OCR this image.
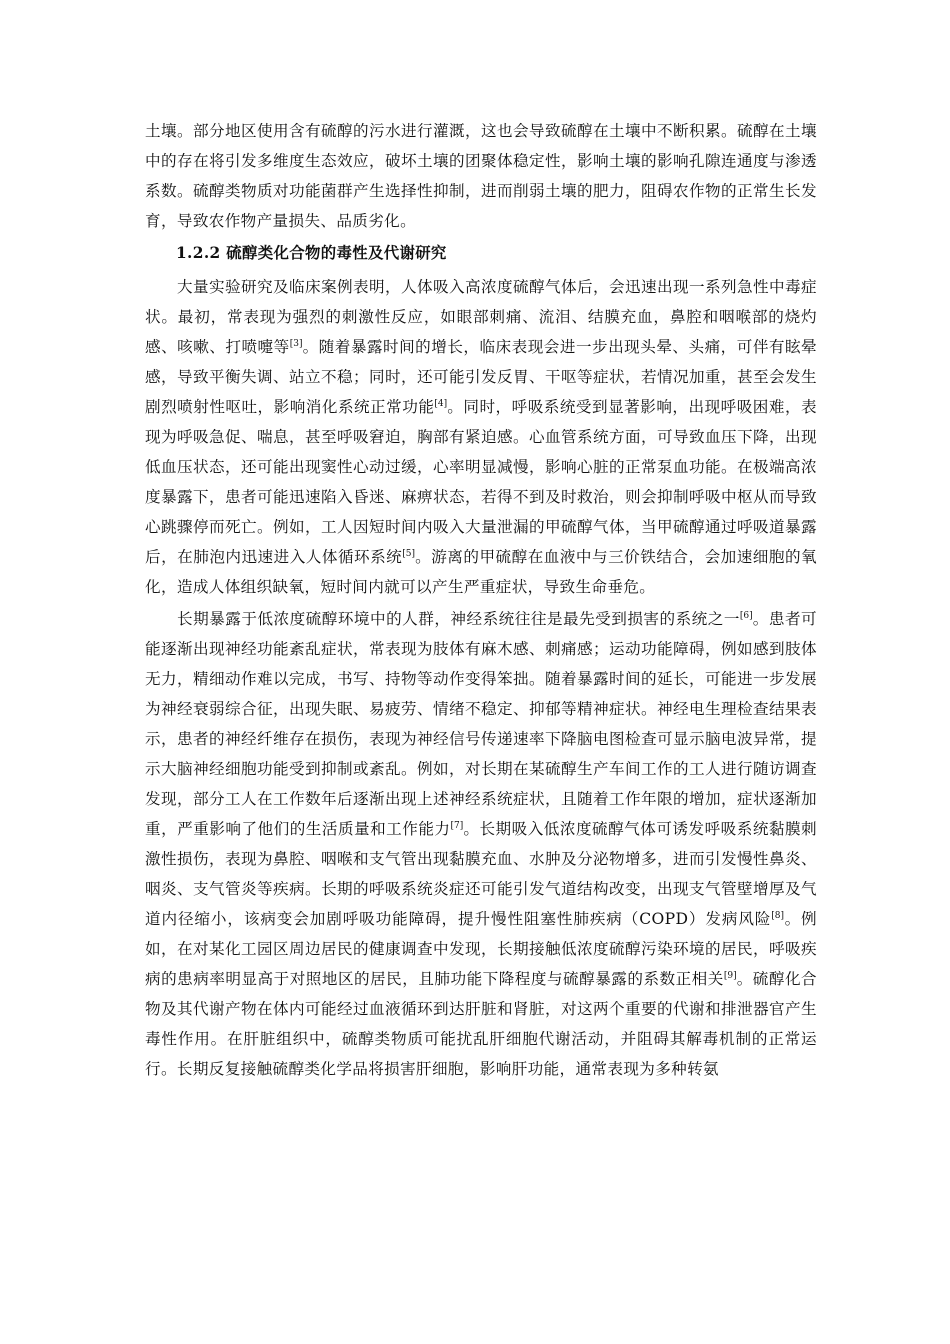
土壤。部分地区使用含有硫醇的污水进行灌溉，这也会导致硫醇在土壤中不断积累。硫醇在土壤中的存在将引发多维度生态效应，破坏土壤的团聚体稳定性，影响土壤的影响孔隙连通度与渗透系数。硫醇类物质对功能菌群产生选择性抑制，进而削弱土壤的肥力，阻碍农作物的正常生长发育，导致农作物产量损失、品质劣化。

1.2.2 硫醇类化合物的毒性及代谢研究

大量实验研究及临床案例表明，人体吸入高浓度硫醇气体后，会迅速出现一系列急性中毒症状。最初，常表现为强烈的刺激性反应，如眼部刺痛、流泪、结膜充血，鼻腔和咽喉部的烧灼感、咳嗽、打喷嚏等[3]。随着暴露时间的增长，临床表现会进一步出现头晕、头痛，可伴有眩晕感，导致平衡失调、站立不稳；同时，还可能引发反胃、干呕等症状，若情况加重，甚至会发生剧烈喷射性呕吐，影响消化系统正常功能[4]。同时，呼吸系统受到显著影响，出现呼吸困难，表现为呼吸急促、喘息，甚至呼吸窘迫，胸部有紧迫感。心血管系统方面，可导致血压下降，出现低血压状态，还可能出现窦性心动过缓，心率明显减慢，影响心脏的正常泵血功能。在极端高浓度暴露下，患者可能迅速陷入昏迷、麻痹状态，若得不到及时救治，则会抑制呼吸中枢从而导致心跳骤停而死亡。例如，工人因短时间内吸入大量泄漏的甲硫醇气体，当甲硫醇通过呼吸道暴露后，在肺泡内迅速进入人体循环系统[5]。游离的甲硫醇在血液中与三价铁结合，会加速细胞的氧化，造成人体组织缺氧，短时间内就可以产生严重症状，导致生命垂危。

长期暴露于低浓度硫醇环境中的人群，神经系统往往是最先受到损害的系统之一[6]。患者可能逐渐出现神经功能紊乱症状，常表现为肢体有麻木感、刺痛感；运动功能障碍，例如感到肢体无力，精细动作难以完成，书写、持物等动作变得笨拙。随着暴露时间的延长，可能进一步发展为神经衰弱综合征，出现失眠、易疲劳、情绪不稳定、抑郁等精神症状。神经电生理检查结果表示，患者的神经纤维存在损伤，表现为神经信号传递速率下降脑电图检查可显示脑电波异常，提示大脑神经细胞功能受到抑制或紊乱。例如，对长期在某硫醇生产车间工作的工人进行随访调查发现，部分工人在工作数年后逐渐出现上述神经系统症状，且随着工作年限的增加，症状逐渐加重，严重影响了他们的生活质量和工作能力[7]。长期吸入低浓度硫醇气体可诱发呼吸系统黏膜刺激性损伤，表现为鼻腔、咽喉和支气管出现黏膜充血、水肿及分泌物增多，进而引发慢性鼻炎、咽炎、支气管炎等疾病。长期的呼吸系统炎症还可能引发气道结构改变，出现支气管壁增厚及气道内径缩小，该病变会加剧呼吸功能障碍，提升慢性阻塞性肺疾病（COPD）发病风险[8]。例如，在对某化工园区周边居民的健康调查中发现，长期接触低浓度硫醇污染环境的居民，呼吸疾病的患病率明显高于对照地区的居民，且肺功能下降程度与硫醇暴露的系数正相关[9]。硫醇化合物及其代谢产物在体内可能经过血液循环到达肝脏和肾脏，对这两个重要的代谢和排泄器官产生毒性作用。在肝脏组织中，硫醇类物质可能扰乱肝细胞代谢活动，并阻碍其解毒机制的正常运行。长期反复接触硫醇类化学品将损害肝细胞，影响肝功能，通常表现为多种转氨
